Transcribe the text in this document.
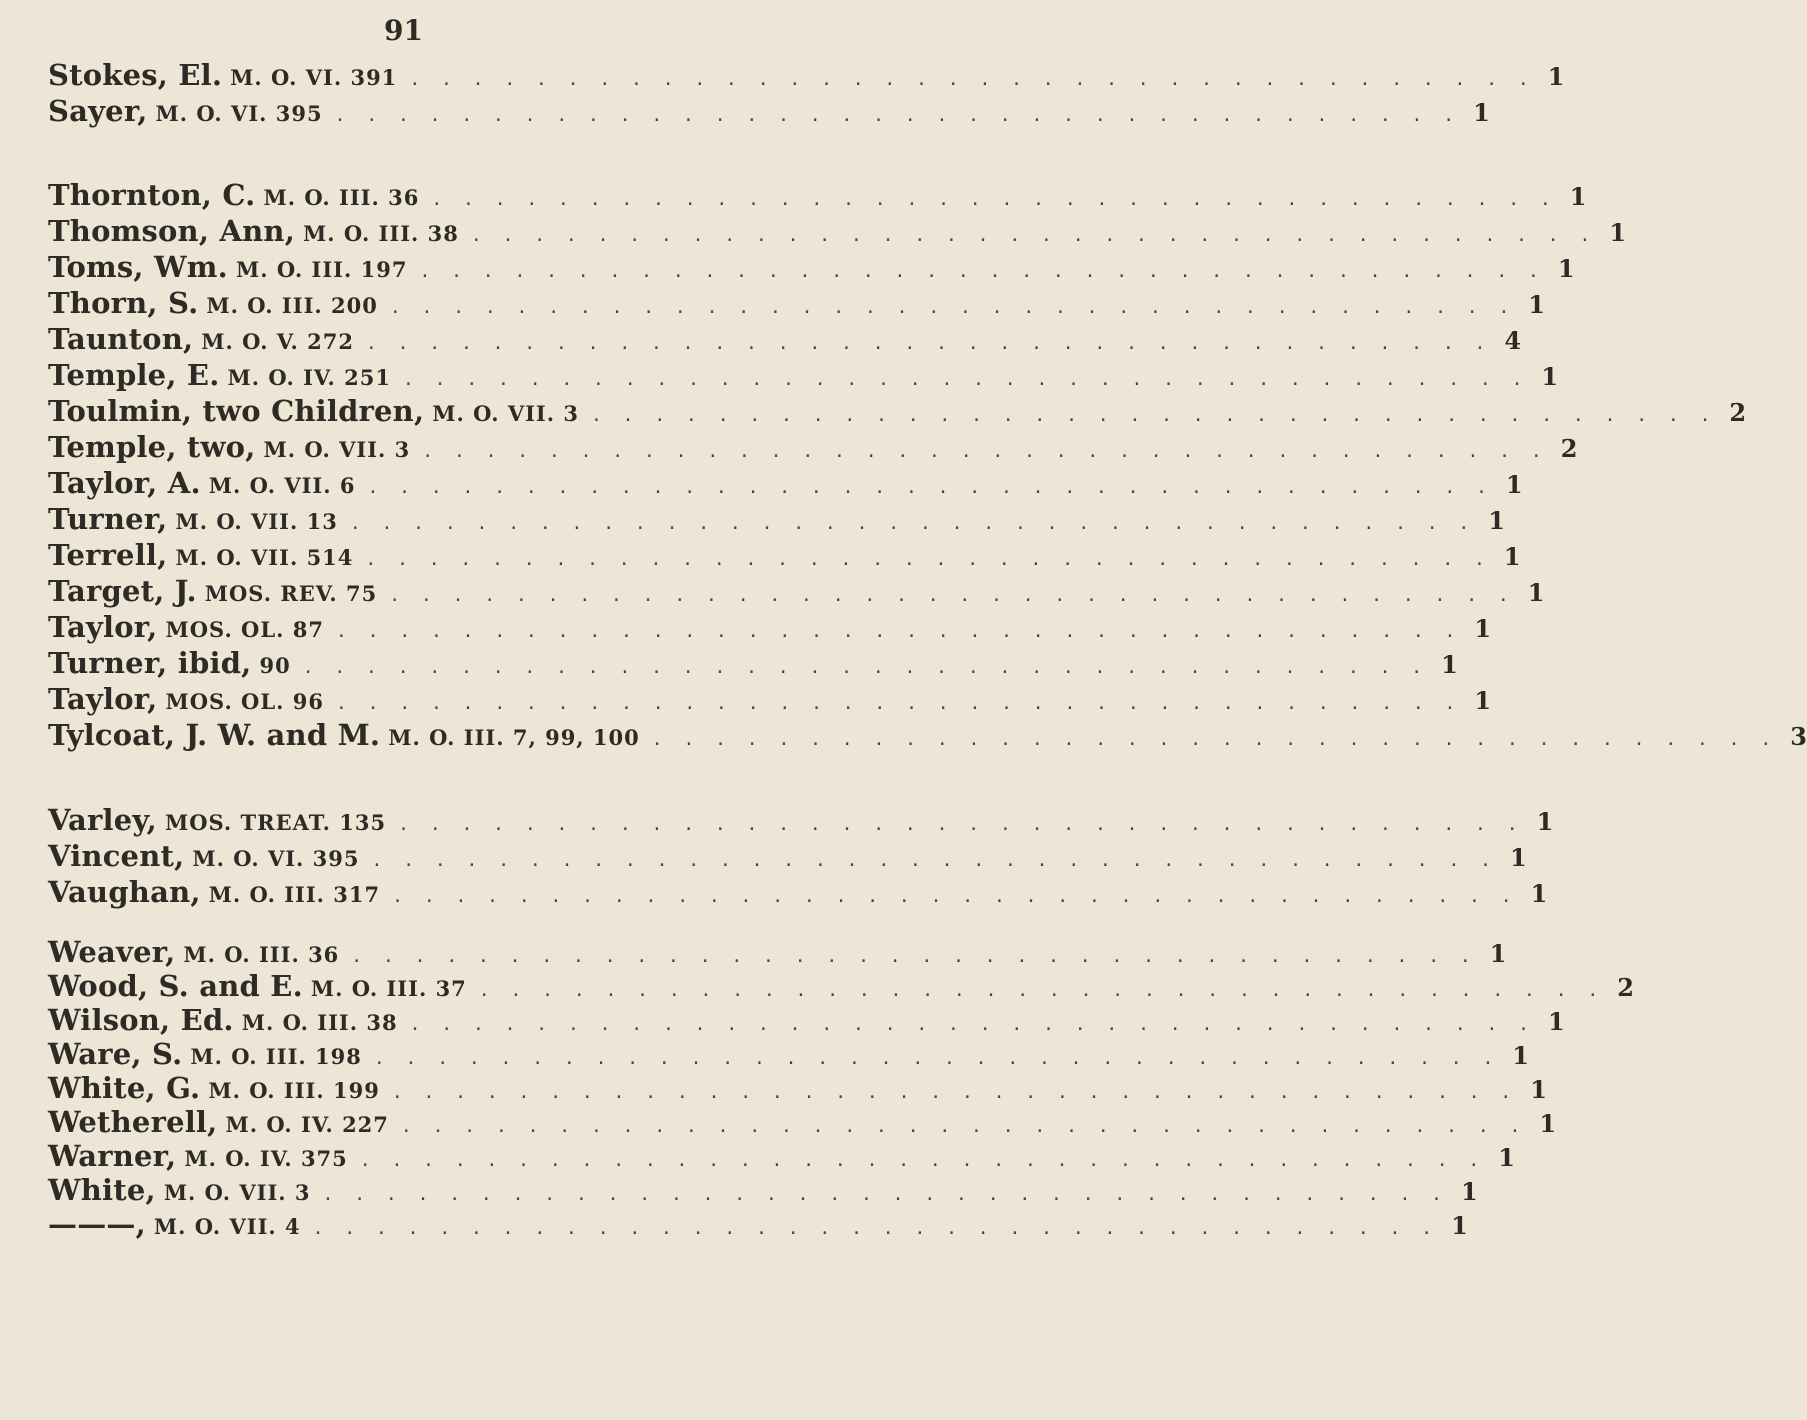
91
Stokes, El. M. O. VI. 391 . . . . . . . . . . . . . . . . . . . . . . . . . . . . . . . . . . . . 1
Sayer, M. O. VI. 395 . . . . . . . . . . . . . . . . . . . . . . . . . . . . . . . . . . . . 1
Thornton, C. M. O. III. 36 . . . . . . . . . . . . . . . . . . . . . . . . . . . . . . . . . . . . 1
Thomson, Ann, M. O. III. 38 . . . . . . . . . . . . . . . . . . . . . . . . . . . . . . . . . . . . 1
Toms, Wm. M. O. III. 197 . . . . . . . . . . . . . . . . . . . . . . . . . . . . . . . . . . . . 1
Thorn, S. M. O. III. 200 . . . . . . . . . . . . . . . . . . . . . . . . . . . . . . . . . . . . 1
Taunton, M. O. V. 272 . . . . . . . . . . . . . . . . . . . . . . . . . . . . . . . . . . . . 4
Temple, E. M. O. IV. 251 . . . . . . . . . . . . . . . . . . . . . . . . . . . . . . . . . . . . 1
Toulmin, two Children, M. O. VII. 3 . . . . . . . . . . . . . . . . . . . . . . . . . . . . . . . . . . . . 2
Temple, two, M. O. VII. 3 . . . . . . . . . . . . . . . . . . . . . . . . . . . . . . . . . . . . 2
Taylor, A. M. O. VII. 6 . . . . . . . . . . . . . . . . . . . . . . . . . . . . . . . . . . . . 1
Turner, M. O. VII. 13 . . . . . . . . . . . . . . . . . . . . . . . . . . . . . . . . . . . . 1
Terrell, M. O. VII. 514 . . . . . . . . . . . . . . . . . . . . . . . . . . . . . . . . . . . . 1
Target, J. MOS. REV. 75 . . . . . . . . . . . . . . . . . . . . . . . . . . . . . . . . . . . . 1
Taylor, MOS. OL. 87 . . . . . . . . . . . . . . . . . . . . . . . . . . . . . . . . . . . . 1
Turner, ibid, 90 . . . . . . . . . . . . . . . . . . . . . . . . . . . . . . . . . . . . 1
Taylor, MOS. OL. 96 . . . . . . . . . . . . . . . . . . . . . . . . . . . . . . . . . . . . 1
Tylcoat, J. W. and M. M. O. III. 7, 99, 100 . . . . . . . . . . . . . . . . . . . . . . . . . . . . . . . . . . . . 3
Varley, MOS. TREAT. 135 . . . . . . . . . . . . . . . . . . . . . . . . . . . . . . . . . . . . 1
Vincent, M. O. VI. 395 . . . . . . . . . . . . . . . . . . . . . . . . . . . . . . . . . . . . 1
Vaughan, M. O. III. 317 . . . . . . . . . . . . . . . . . . . . . . . . . . . . . . . . . . . . 1
Weaver, M. O. III. 36 . . . . . . . . . . . . . . . . . . . . . . . . . . . . . . . . . . . . 1
Wood, S. and E. M. O. III. 37 . . . . . . . . . . . . . . . . . . . . . . . . . . . . . . . . . . . . 2
Wilson, Ed. M. O. III. 38 . . . . . . . . . . . . . . . . . . . . . . . . . . . . . . . . . . . . 1
Ware, S. M. O. III. 198 . . . . . . . . . . . . . . . . . . . . . . . . . . . . . . . . . . . . 1
White, G. M. O. III. 199 . . . . . . . . . . . . . . . . . . . . . . . . . . . . . . . . . . . . 1
Wetherell, M. O. IV. 227 . . . . . . . . . . . . . . . . . . . . . . . . . . . . . . . . . . . . 1
Warner, M. O. IV. 375 . . . . . . . . . . . . . . . . . . . . . . . . . . . . . . . . . . . . 1
White, M. O. VII. 3 . . . . . . . . . . . . . . . . . . . . . . . . . . . . . . . . . . . . 1
———, M. O. VII. 4 . . . . . . . . . . . . . . . . . . . . . . . . . . . . . . . . . . . . 1
